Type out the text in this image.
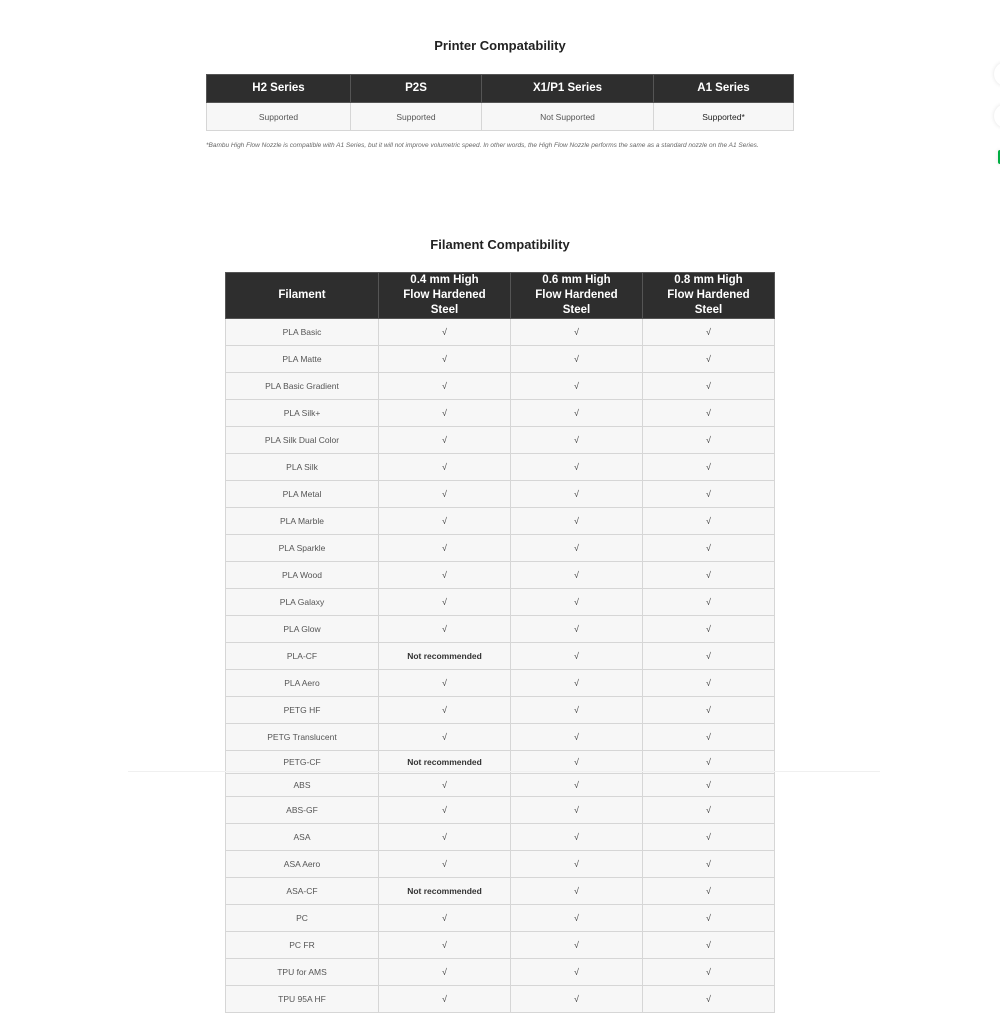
Printer Compatability
H2 Series	P2S	X1/P1 Series	A1 Series
Supported	Supported	Not Supported	Supported*
*Bambu High Flow Nozzle is compatible with A1 Series, but it will not improve volumetric speed. In other words, the High Flow Nozzle performs the same as a standard nozzle on the A1 Series.
Filament Compatibility
Filament	0.4 mm High Flow Hardened Steel	0.6 mm High Flow Hardened Steel	0.8 mm High Flow Hardened Steel
PLA Basic	√	√	√
PLA Matte	√	√	√
PLA Basic Gradient	√	√	√
PLA Silk+	√	√	√
PLA Silk Dual Color	√	√	√
PLA Silk	√	√	√
PLA Metal	√	√	√
PLA Marble	√	√	√
PLA Sparkle	√	√	√
PLA Wood	√	√	√
PLA Galaxy	√	√	√
PLA Glow	√	√	√
PLA-CF	Not recommended	√	√
PLA Aero	√	√	√
PETG HF	√	√	√
PETG Translucent	√	√	√
PETG-CF	Not recommended	√	√
ABS	√	√	√
ABS-GF	√	√	√
ASA	√	√	√
ASA Aero	√	√	√
ASA-CF	Not recommended	√	√
PC	√	√	√
PC FR	√	√	√
TPU for AMS	√	√	√
TPU 95A HF	√	√	√
